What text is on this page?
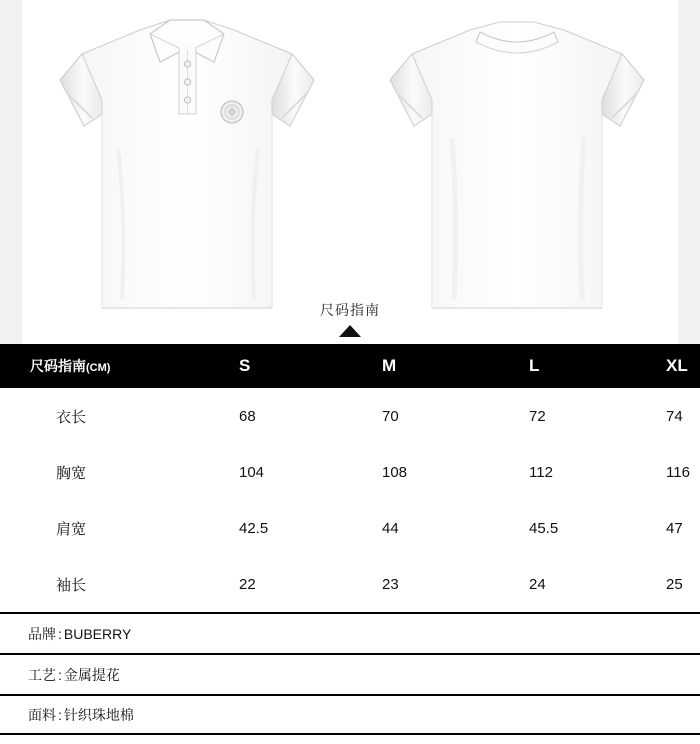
尺码指南
尺码指南(CM)	S	M	L	XL
衣长	68	70	72	74
胸宽	104	108	112	116
肩宽	42.5	44	45.5	47
袖长	22	23	24	25
品牌 : BUBERRY
工艺 : 金属提花
面料 : 针织珠地棉
